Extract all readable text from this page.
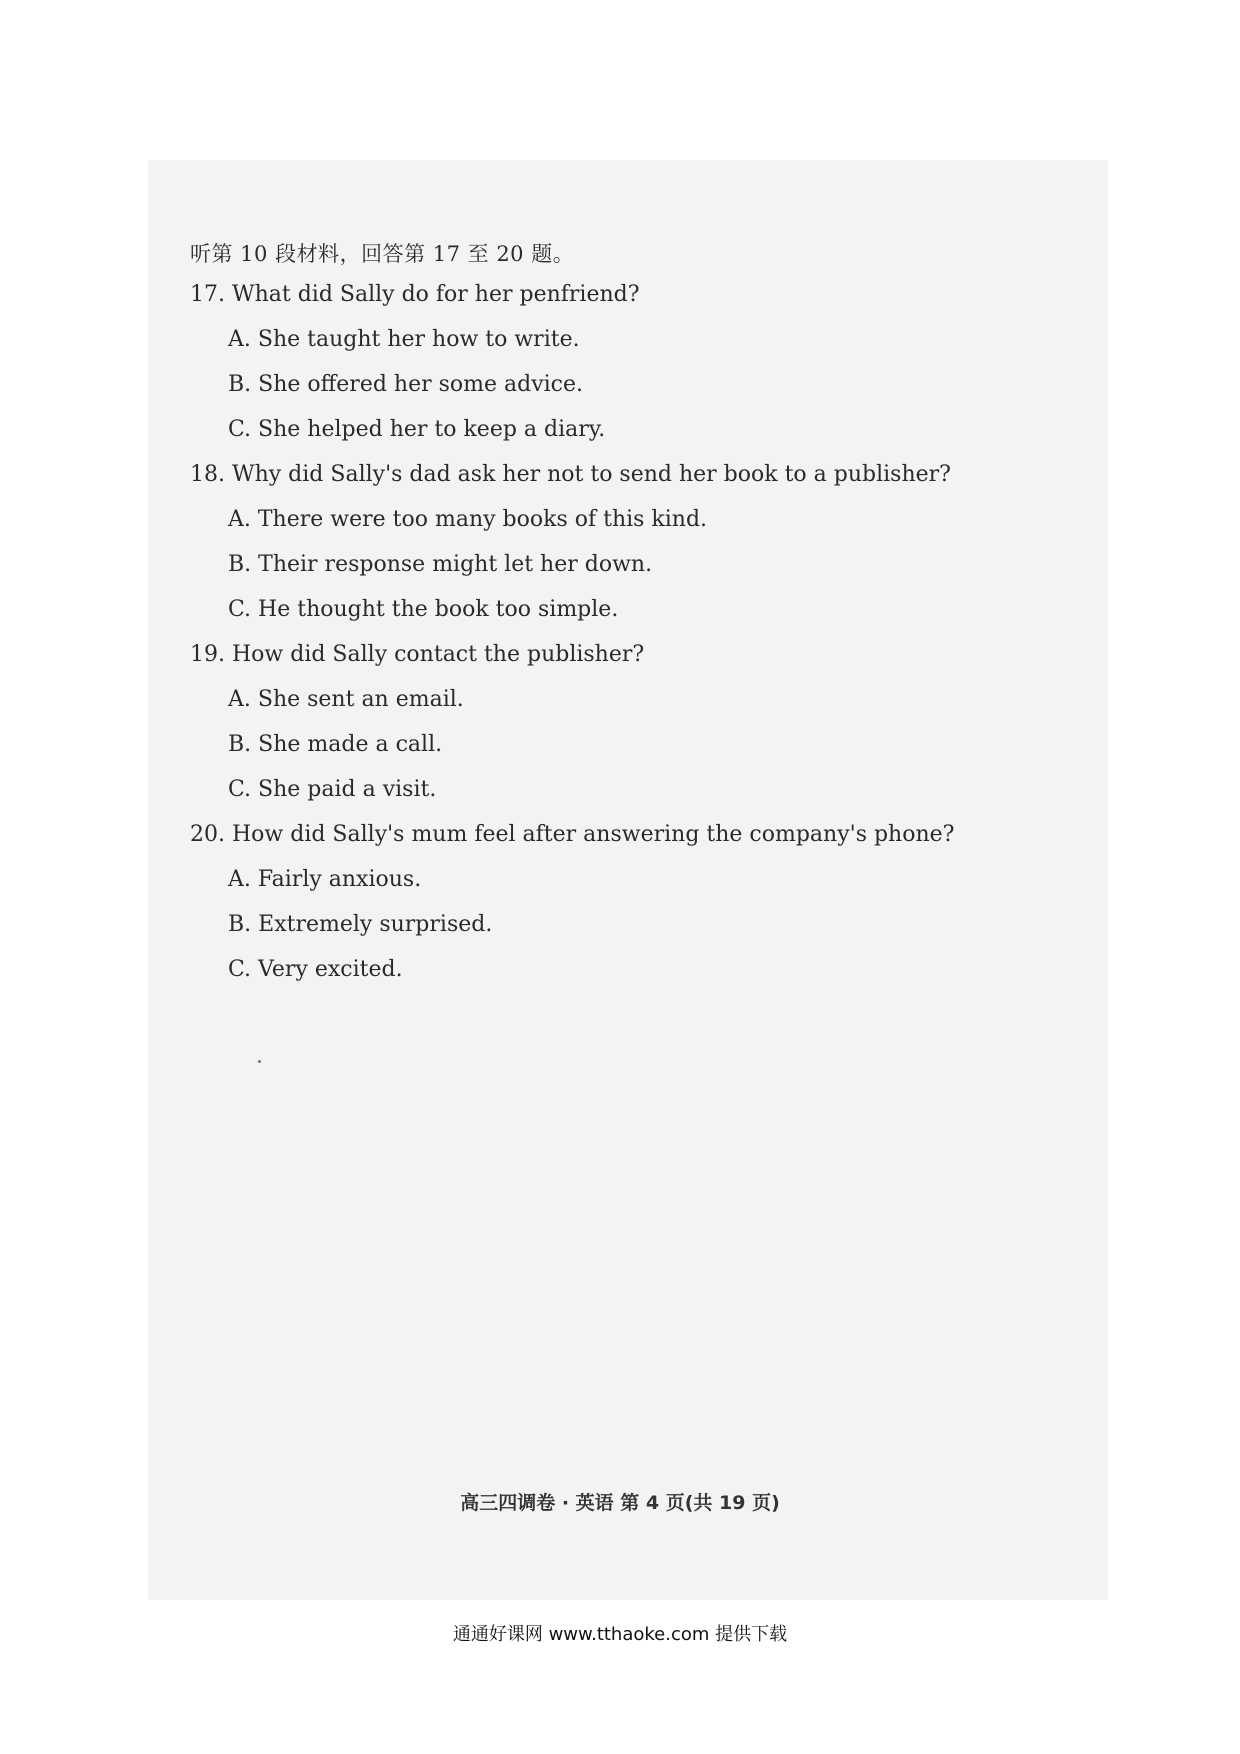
听第 10 段材料，回答第 17 至 20 题。
17. What did Sally do for her penfriend?
A. She taught her how to write.
B. She offered her some advice.
C. She helped her to keep a diary.
18. Why did Sally's dad ask her not to send her book to a publisher?
A. There were too many books of this kind.
B. Their response might let her down.
C. He thought the book too simple.
19. How did Sally contact the publisher?
A. She sent an email.
B. She made a call.
C. She paid a visit.
20. How did Sally's mum feel after answering the company's phone?
A. Fairly anxious.
B. Extremely surprised.
C. Very excited.
高三四调卷 · 英语 第 4 页(共 19 页)
通通好课网 www.tthaoke.com 提供下载
